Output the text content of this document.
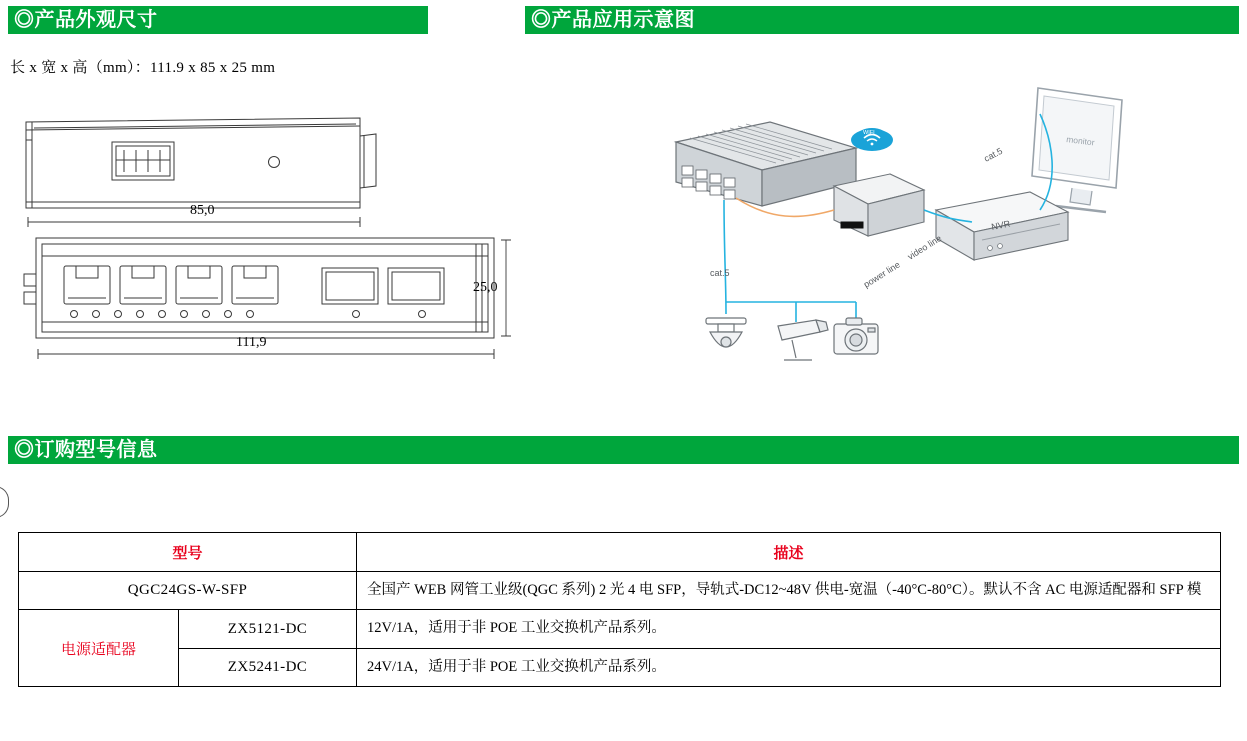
◎产品外观尺寸	◎产品应用示意图
◎订购型号信息
长 x 宽 x 高（mm）：111.9 x 85 x 25 mm
85,0
25,0
111,9
monitor
WIFI
NVR
cat.5
video line
power line
cat.5
型号		描述
QGC24GS-W-SFP		全国产 WEB 网管工业级(QGC 系列) 2 光 4 电 SFP，导轨式-DC12~48V 供电-宽温（-40°C-80°C）。默认不含 AC 电源适配器和 SFP 模
电源适配器	ZX5121-DC	12V/1A，适用于非 POE 工业交换机产品系列。
	ZX5241-DC	24V/1A，适用于非 POE 工业交换机产品系列。
